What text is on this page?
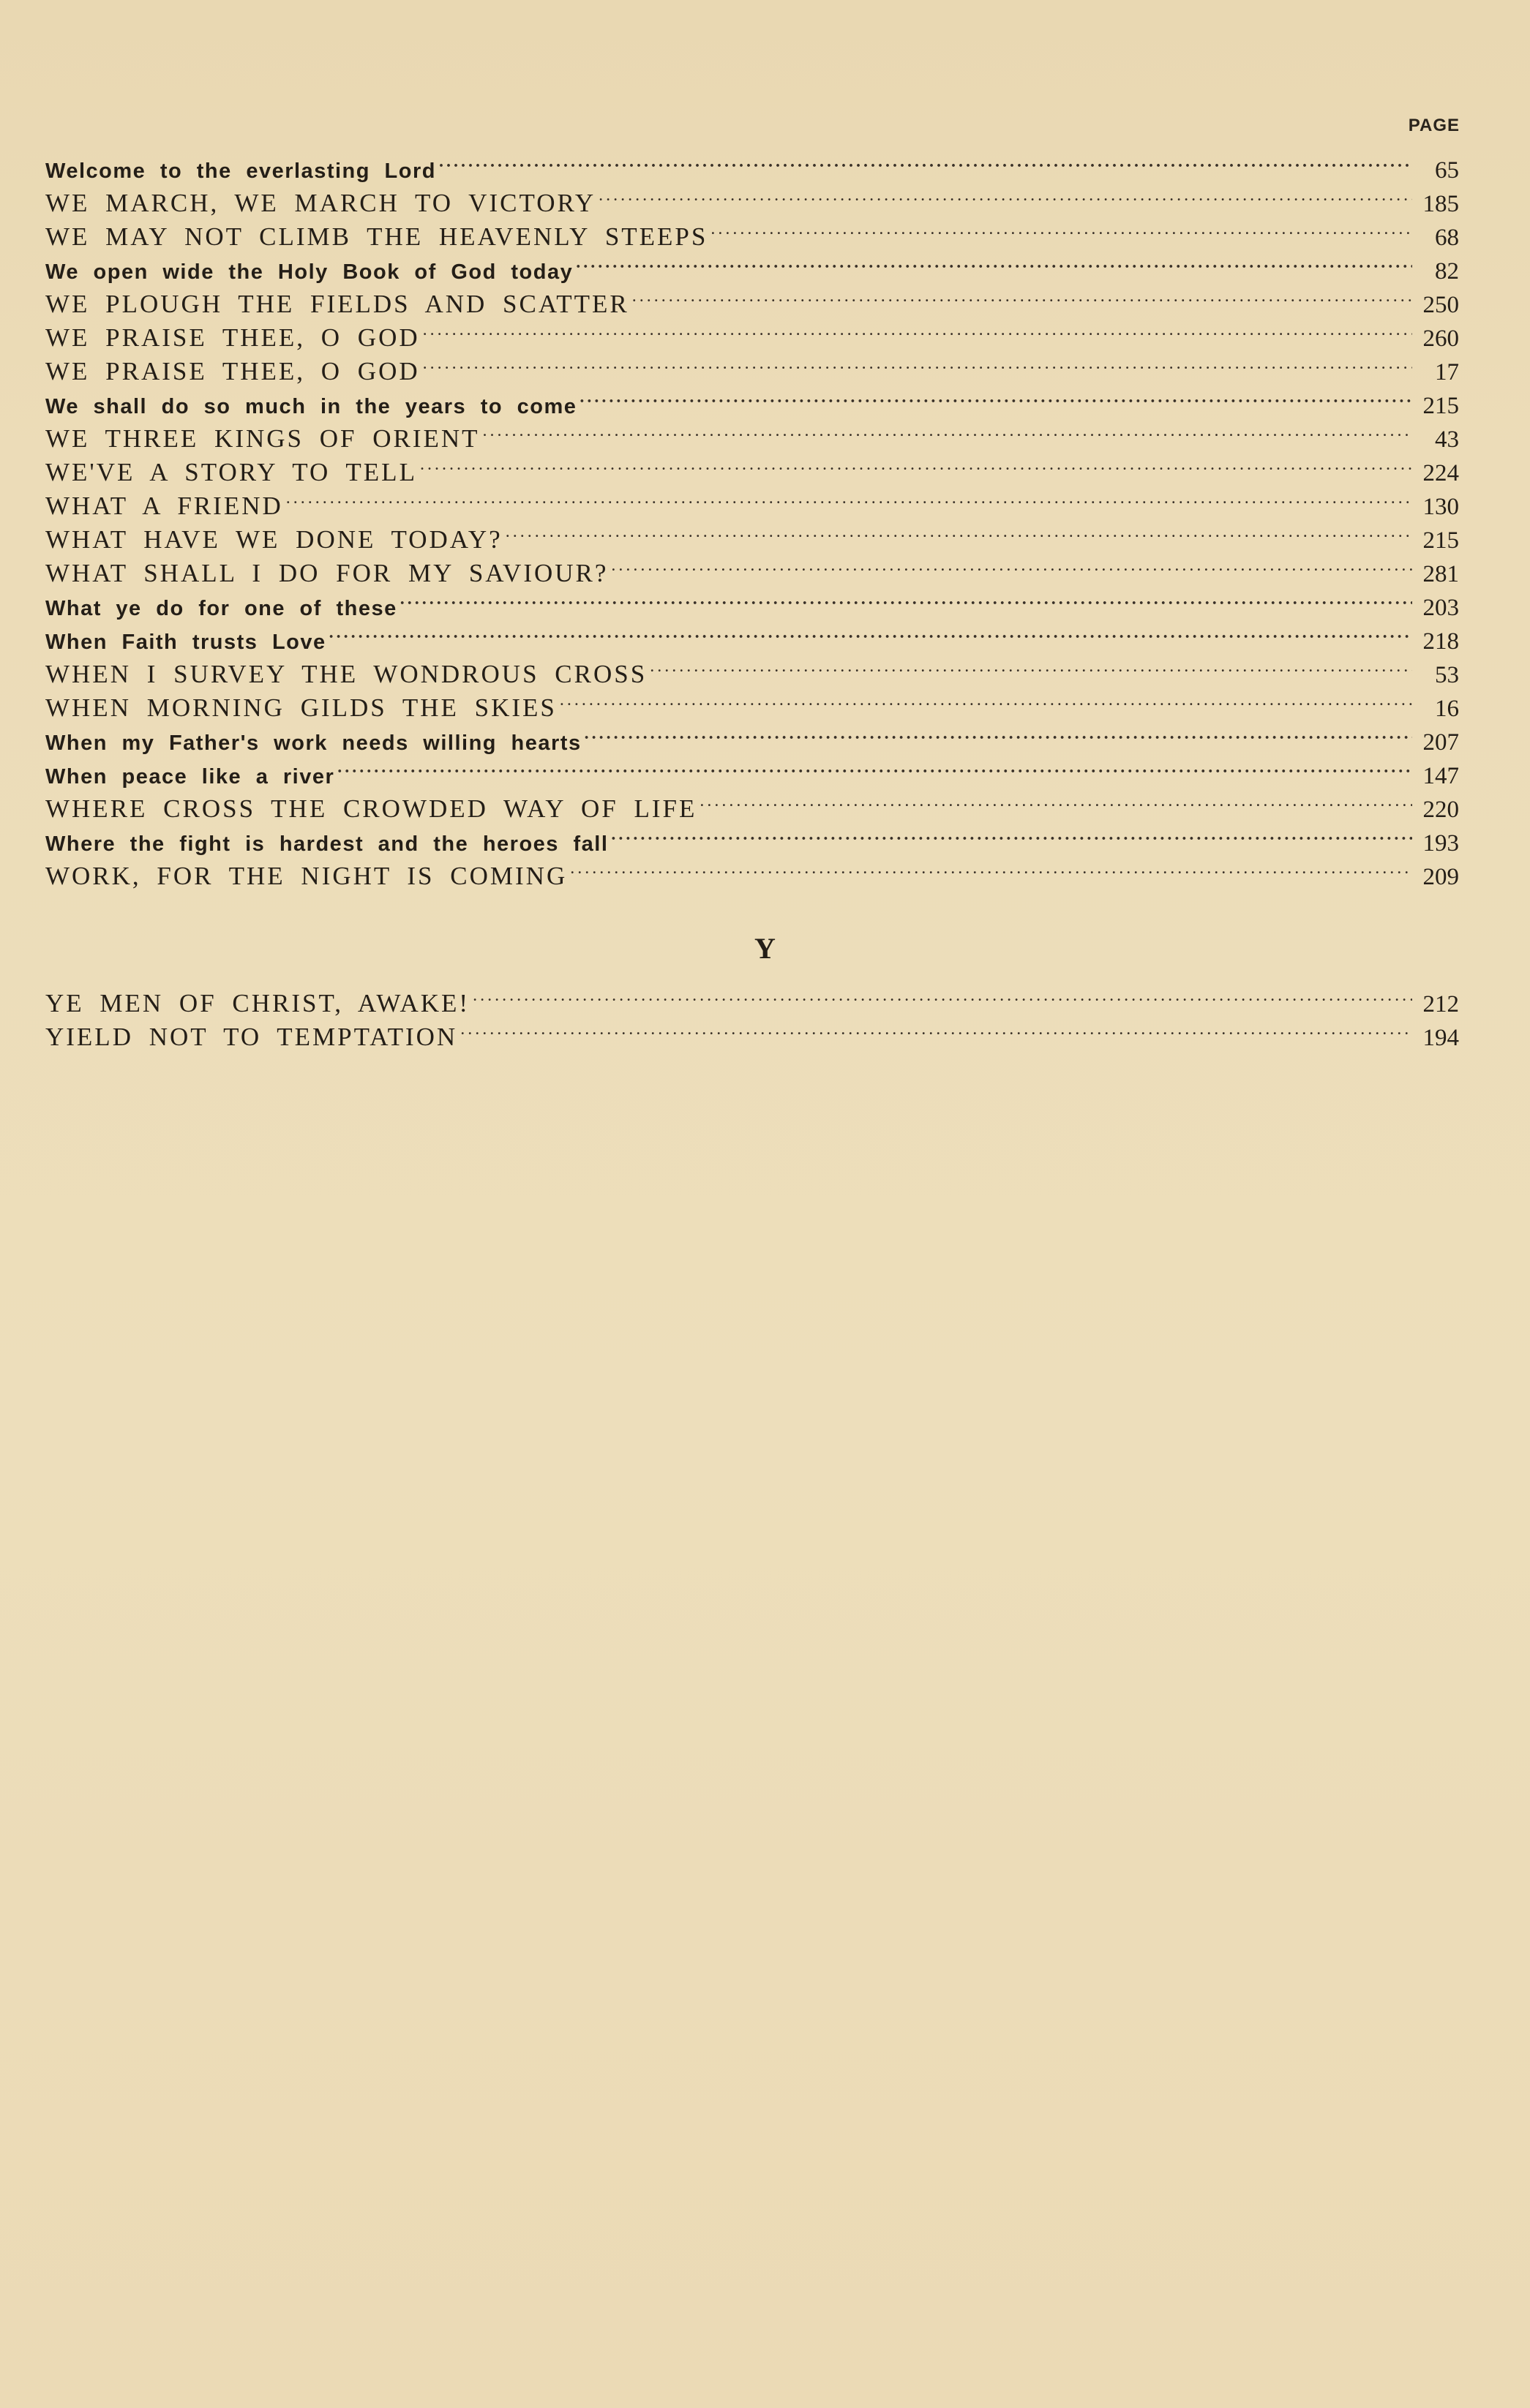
PAGE
Welcome to the everlasting Lord . . .	65
WE MARCH, WE MARCH TO VICTORY . . .	185
WE MAY NOT CLIMB THE HEAVENLY STEEPS . . .	68
We open wide the Holy Book of God today . . .	82
WE PLOUGH THE FIELDS AND SCATTER . . .	250
WE PRAISE THEE, O GOD . . .	260
WE PRAISE THEE, O GOD . . .	17
We shall do so much in the years to come . . .	215
WE THREE KINGS OF ORIENT . . .	43
WE'VE A STORY TO TELL . . .	224
WHAT A FRIEND . . .	130
WHAT HAVE WE DONE TODAY? . . .	215
WHAT SHALL I DO FOR MY SAVIOUR? . . .	281
What ye do for one of these . . .	203
When Faith trusts Love . . .	218
WHEN I SURVEY THE WONDROUS CROSS . . .	53
WHEN MORNING GILDS THE SKIES . . .	16
When my Father's work needs willing hearts . . .	207
When peace like a river . . .	147
WHERE CROSS THE CROWDED WAY OF LIFE . . .	220
Where the fight is hardest and the heroes fall . . .	193
WORK, FOR THE NIGHT IS COMING . . .	209
Y
YE MEN OF CHRIST, AWAKE! . . .	212
YIELD NOT TO TEMPTATION . . .	194
